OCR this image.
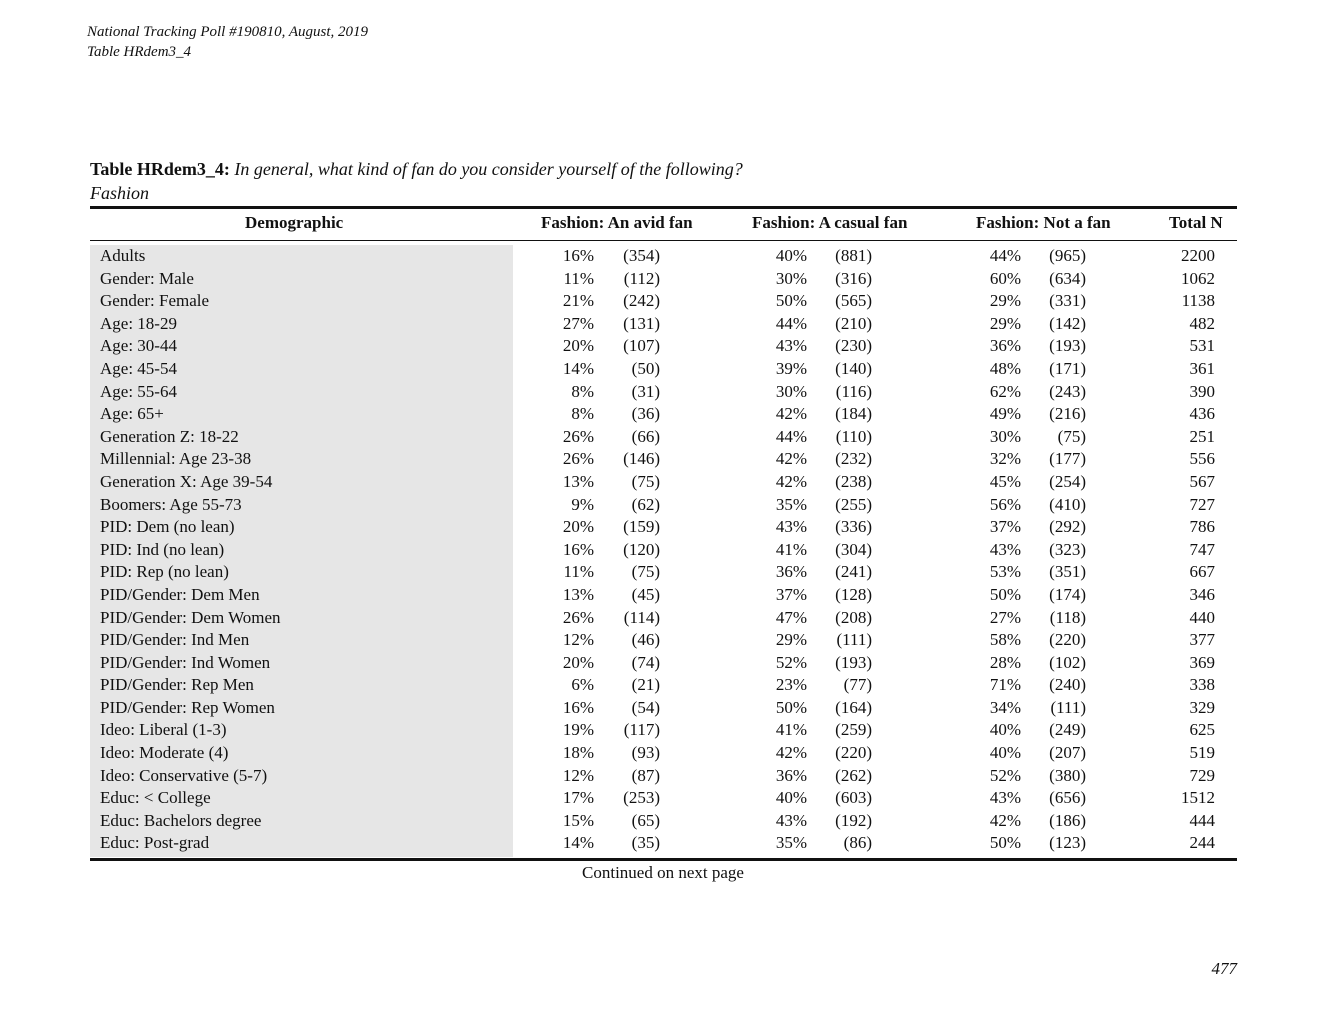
National Tracking Poll #190810, August, 2019
Table HRdem3_4
Table HRdem3_4: In general, what kind of fan do you consider yourself of the following?
Fashion
Demographic	Fashion: An avid fan	Fashion: A casual fan	Fashion: Not a fan	Total N
Adults	16% (354)	40% (881)	44% (965)	2200
Gender: Male	11% (112)	30% (316)	60% (634)	1062
Gender: Female	21% (242)	50% (565)	29% (331)	1138
Age: 18-29	27% (131)	44% (210)	29% (142)	482
Age: 30-44	20% (107)	43% (230)	36% (193)	531
Age: 45-54	14% (50)	39% (140)	48% (171)	361
Age: 55-64	8% (31)	30% (116)	62% (243)	390
Age: 65+	8% (36)	42% (184)	49% (216)	436
Generation Z: 18-22	26% (66)	44% (110)	30% (75)	251
Millennial: Age 23-38	26% (146)	42% (232)	32% (177)	556
Generation X: Age 39-54	13% (75)	42% (238)	45% (254)	567
Boomers: Age 55-73	9% (62)	35% (255)	56% (410)	727
PID: Dem (no lean)	20% (159)	43% (336)	37% (292)	786
PID: Ind (no lean)	16% (120)	41% (304)	43% (323)	747
PID: Rep (no lean)	11% (75)	36% (241)	53% (351)	667
PID/Gender: Dem Men	13% (45)	37% (128)	50% (174)	346
PID/Gender: Dem Women	26% (114)	47% (208)	27% (118)	440
PID/Gender: Ind Men	12% (46)	29% (111)	58% (220)	377
PID/Gender: Ind Women	20% (74)	52% (193)	28% (102)	369
PID/Gender: Rep Men	6% (21)	23% (77)	71% (240)	338
PID/Gender: Rep Women	16% (54)	50% (164)	34% (111)	329
Ideo: Liberal (1-3)	19% (117)	41% (259)	40% (249)	625
Ideo: Moderate (4)	18% (93)	42% (220)	40% (207)	519
Ideo: Conservative (5-7)	12% (87)	36% (262)	52% (380)	729
Educ: < College	17% (253)	40% (603)	43% (656)	1512
Educ: Bachelors degree	15% (65)	43% (192)	42% (186)	444
Educ: Post-grad	14% (35)	35% (86)	50% (123)	244
Continued on next page
477
